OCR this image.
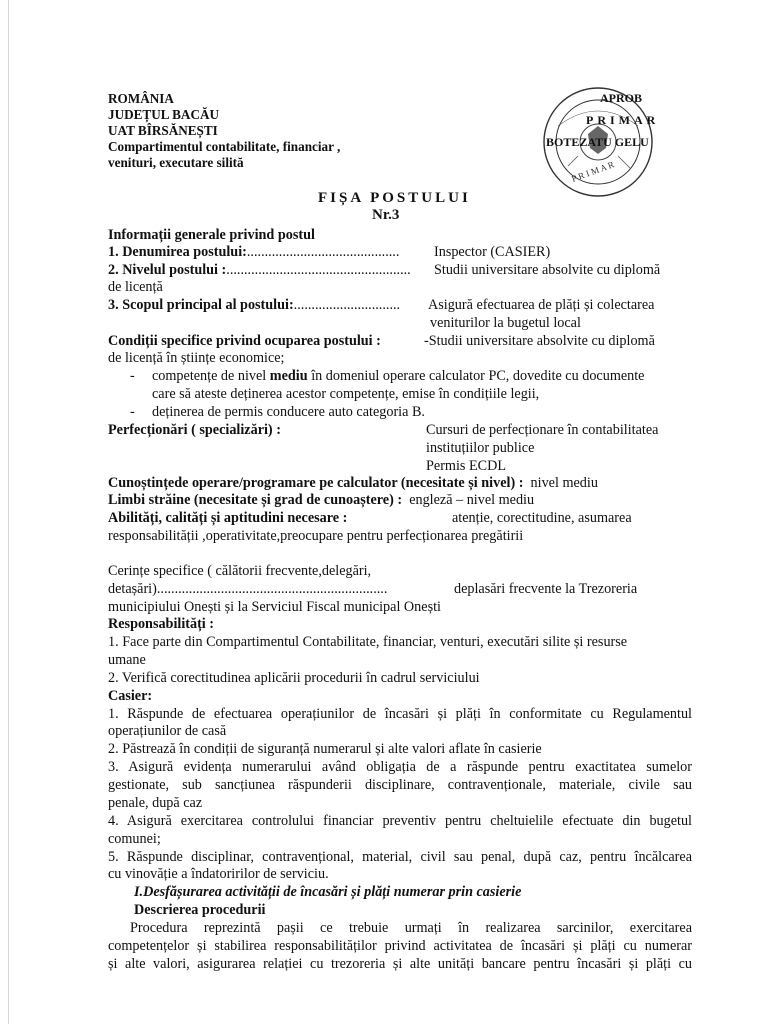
ROMÂNIA
JUDEȚUL BACĂU
UAT BÎRSĂNEȘTI
Compartimentul contabilitate, financiar ,
venituri, executare silită	P R I M A R
APROB
PRIMAR
BOTEZATU GELU
FIȘA POSTULUI
Nr.3
Informații generale privind postul
1. Denumirea postului:........................................... Inspector (CASIER)
2. Nivelul postului :.................................................... Studii universitare absolvite cu diplomă
de licență
3. Scopul principal al postului:.............................. Asigură efectuarea de plăți și colectarea
veniturilor la bugetul local
Condiții specifice privind ocuparea postului :	-Studii universitare absolvite cu diplomă
de licență în științe economice;
- competențe de nivel mediu în domeniul operare calculator PC, dovedite cu documente
care să ateste deținerea acestor competențe, emise în condițiile legii,
- deținerea de permis conducere auto categoria B.
Perfecționări ( specializări) :	Cursuri de perfecționare în contabilitatea
instituțiilor publice
Permis ECDL
Cunoștințede operare/programare pe calculator (necesitate și nivel) : nivel mediu
Limbi străine (necesitate și grad de cunoaștere) : engleză – nivel mediu
Abilități, calități și aptitudini necesare :	atenție, corectitudine, asumarea
responsabilității ,operativitate,preocupare pentru perfecționarea pregătirii
Cerințe specifice ( călătorii frecvente,delegări,
detașări).................................................................	deplasări frecvente la Trezoreria
municipiului Onești și la Serviciul Fiscal municipal Onești
Responsabilități :
1. Face parte din Compartimentul Contabilitate, financiar, venturi, executări silite și resurse
umane
2. Verifică corectitudinea aplicării procedurii în cadrul serviciului
Casier:
1. Răspunde de efectuarea operațiunilor de încasări și plăți în conformitate cu Regulamentul
operațiunilor de casă
2. Păstrează în condiții de siguranță numerarul și alte valori aflate în casierie
3. Asigură evidența numerarului având obligația de a răspunde pentru exactitatea sumelor
gestionate, sub sancțiunea răspunderii disciplinare, contravenționale, materiale, civile sau
penale, după caz
4. Asigură exercitarea controlului financiar preventiv pentru cheltuielile efectuate din bugetul
comunei;
5. Răspunde disciplinar, contravențional, material, civil sau penal, după caz, pentru încălcarea
cu vinovăție a îndatoririlor de serviciu.
I.Desfășurarea activității de încasări și plăți numerar prin casierie
Descrierea procedurii
Procedura reprezintă pașii ce trebuie urmați în realizarea sarcinilor, exercitarea
competențelor și stabilirea responsabilităților privind activitatea de încasări și plăți cu numerar
și alte valori, asigurarea relației cu trezoreria și alte unități bancare pentru încasări și plăți cu
